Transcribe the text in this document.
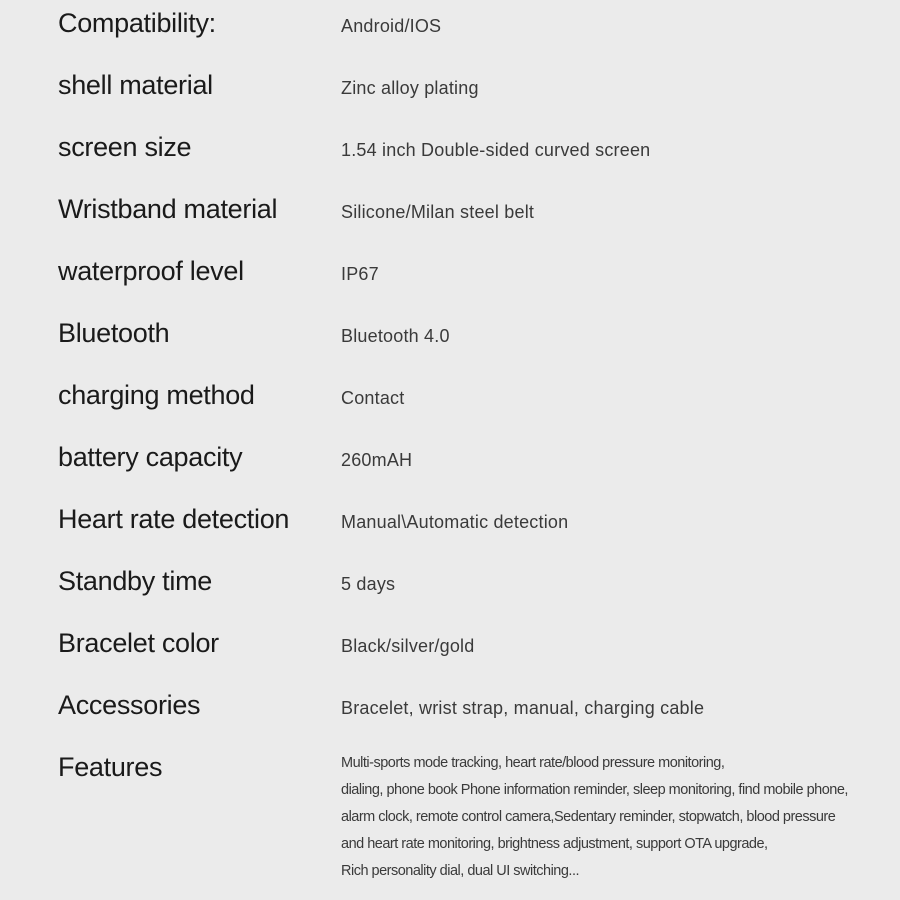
Compatibility:	Android/IOS
shell material	Zinc alloy plating
screen size	1.54 inch Double-sided curved screen
Wristband material	Silicone/Milan steel belt
waterproof level	IP67
Bluetooth	Bluetooth 4.0
charging method	Contact
battery capacity	260mAH
Heart rate detection	Manual\Automatic detection
Standby time	5 days
Bracelet color	Black/silver/gold
Accessories	Bracelet, wrist strap, manual, charging cable
Features	Multi-sports mode tracking, heart rate/blood pressure monitoring,
dialing, phone book Phone information reminder, sleep monitoring, find mobile phone,
alarm clock, remote control camera,Sedentary reminder, stopwatch, blood pressure
and heart rate monitoring, brightness adjustment, support OTA upgrade,
Rich personality dial, dual UI switching...
